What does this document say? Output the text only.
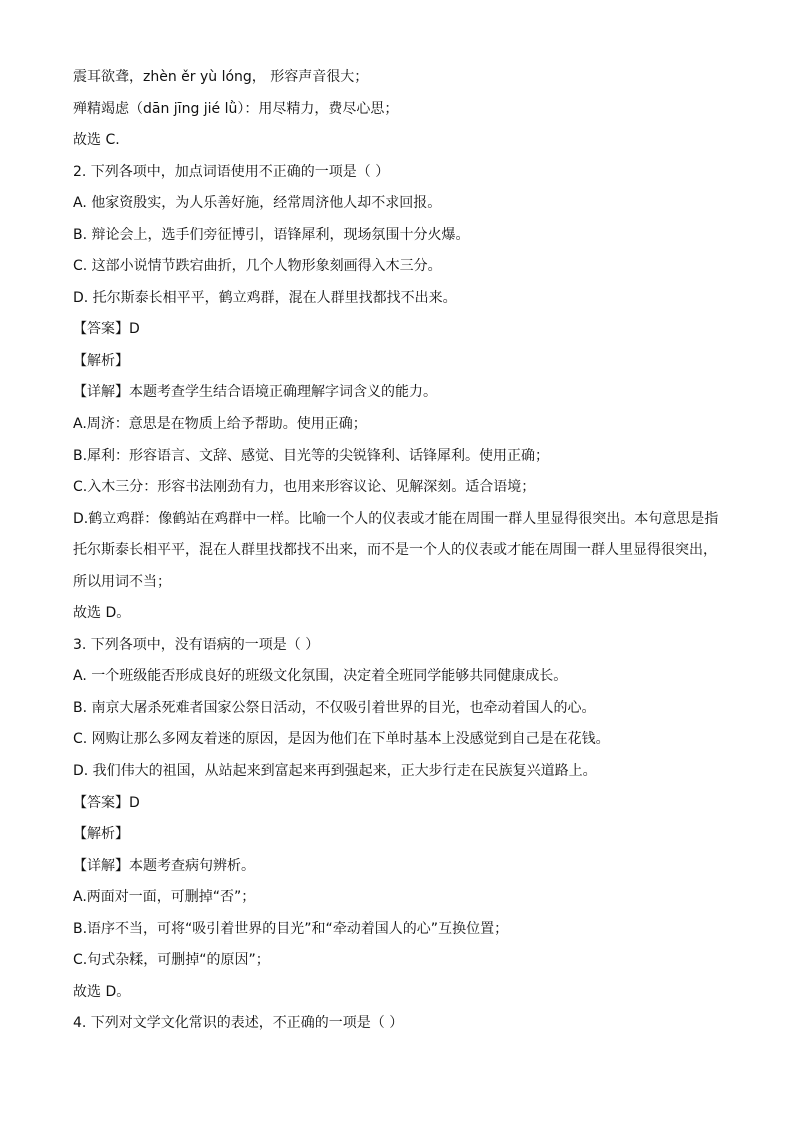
震耳欲聋，zhèn ěr yù lóng， 形容声音很大；
殚精竭虑（dān jīng jié lǜ）：用尽精力，费尽心思；
故选 C.
2. 下列各项中，加点词语使用不正确的一项是（ ）
A. 他家资殷实，为人乐善好施，经常周济他人却不求回报。
B. 辩论会上，选手们旁征博引，语锋犀利，现场氛围十分火爆。
C. 这部小说情节跌宕曲折，几个人物形象刻画得入木三分。
D. 托尔斯泰长相平平，鹤立鸡群，混在人群里找都找不出来。
【答案】D
【解析】
【详解】本题考查学生结合语境正确理解字词含义的能力。
A.周济：意思是在物质上给予帮助。使用正确；
B.犀利：形容语言、文辞、感觉、目光等的尖锐锋利、话锋犀利。使用正确；
C.入木三分：形容书法刚劲有力，也用来形容议论、见解深刻。适合语境；
D.鹤立鸡群：像鹤站在鸡群中一样。比喻一个人的仪表或才能在周围一群人里显得很突出。本句意思是指
托尔斯泰长相平平，混在人群里找都找不出来，而不是一个人的仪表或才能在周围一群人里显得很突出，
所以用词不当；
故选 D。
3. 下列各项中，没有语病的一项是（ ）
A. 一个班级能否形成良好的班级文化氛围，决定着全班同学能够共同健康成长。
B. 南京大屠杀死难者国家公祭日活动，不仅吸引着世界的目光，也牵动着国人的心。
C. 网购让那么多网友着迷的原因，是因为他们在下单时基本上没感觉到自己是在花钱。
D. 我们伟大的祖国，从站起来到富起来再到强起来，正大步行走在民族复兴道路上。
【答案】D
【解析】
【详解】本题考查病句辨析。
A.两面对一面，可删掉“否”；
B.语序不当，可将“吸引着世界的目光”和“牵动着国人的心”互换位置；
C.句式杂糅，可删掉“的原因”；
故选 D。
4. 下列对文学文化常识的表述，不正确的一项是（ ）
